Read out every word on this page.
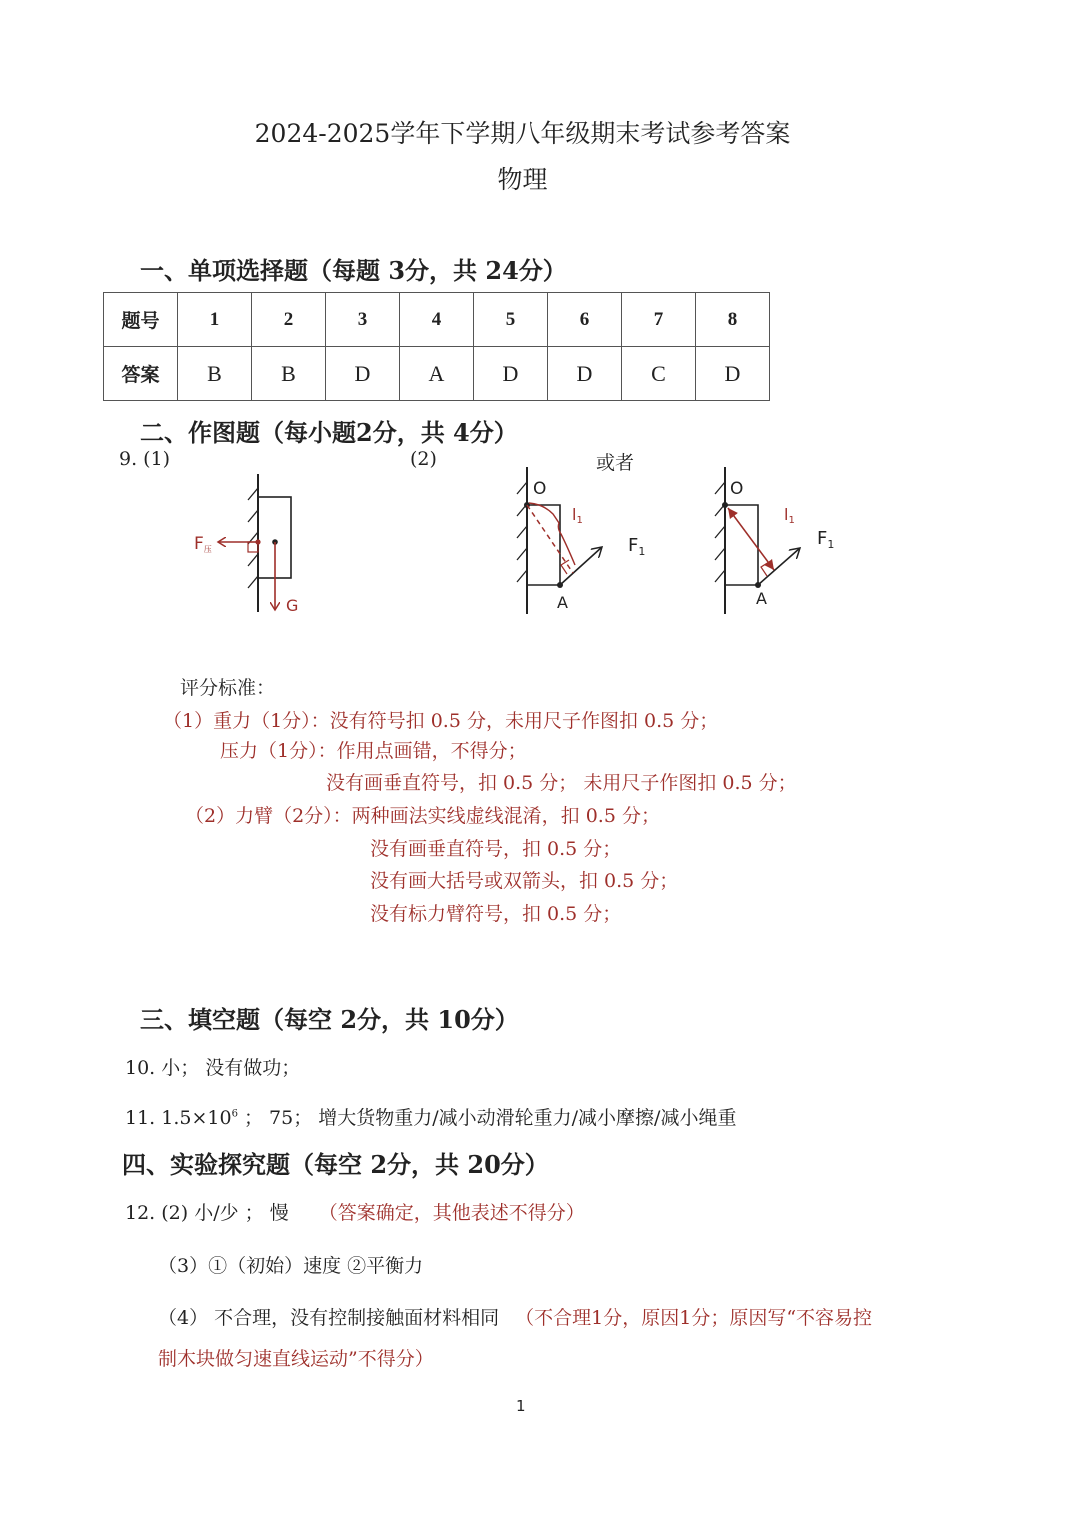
2024-2025学年下学期八年级期末考试参考答案
物理
一、单项选择题（每题 3分，共 24分）
题号	1	2	3	4	5	6	7	8
答案	B	B	D	A	D	D	C	D
二、作图题（每小题2分，共 4分）
9. (1)	(2)	或者
F压
G
O
A
l1
$F_1$
O
A
l1
$F_1$
评分标准：
（1）重力（1分）：没有符号扣 0.5 分，未用尺子作图扣 0.5 分；
压力（1分）：作用点画错，不得分；
没有画垂直符号，扣 0.5 分； 未用尺子作图扣 0.5 分；
（2）力臂（2分）：两种画法实线虚线混淆，扣 0.5 分；
没有画垂直符号，扣 0.5 分；
没有画大括号或双箭头，扣 0.5 分；
没有标力臂符号，扣 0.5 分；
三、填空题（每空 2分，共 10分）
10. 小； 没有做功；
11. $1.5\times 10^6$ ； 75； 增大货物重力/减小动滑轮重力/减小摩擦/减小绳重
四、实验探究题（每空 2分，共 20分）
12. (2) 小/少 ； 慢 （答案确定，其他表述不得分）
（3）①（初始）速度 ②平衡力
（4） 不合理，没有控制接触面材料相同 （不合理1分，原因1分；原因写“不容易控
制木块做匀速直线运动”不得分）
1
